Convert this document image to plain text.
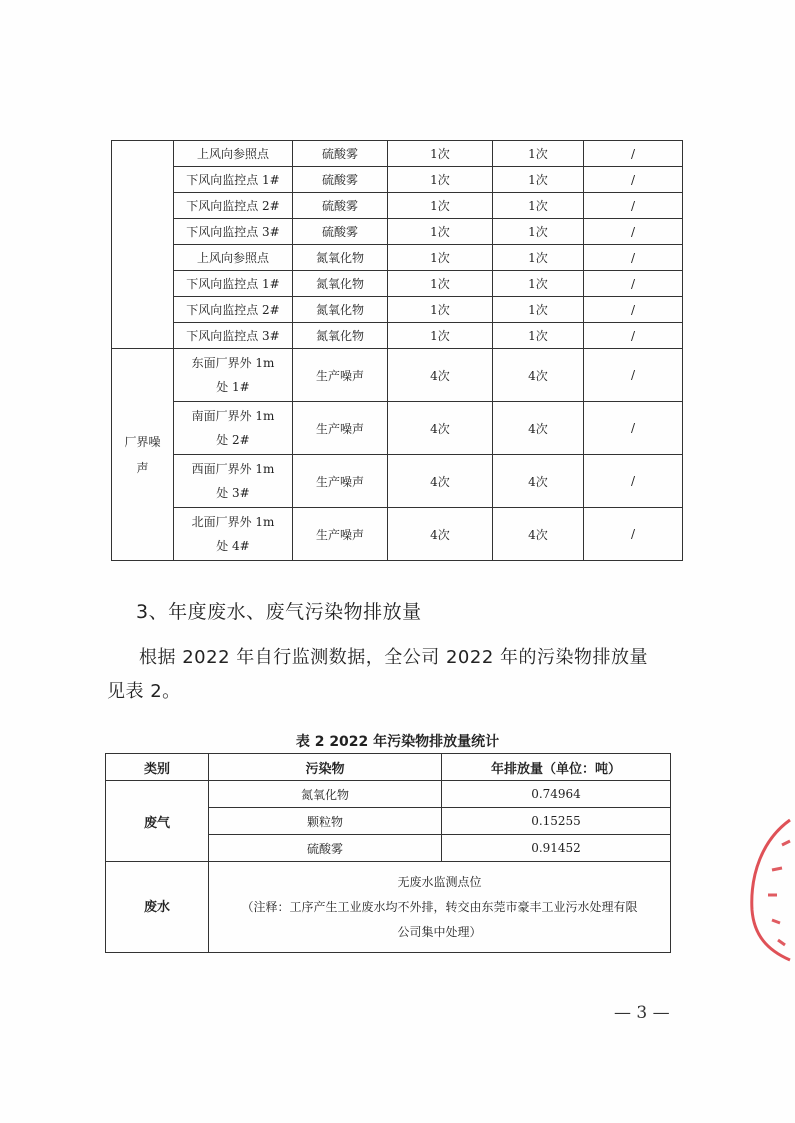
	上风向参照点	硫酸雾	1次	1次	/
	下风向监控点 1#	硫酸雾	1次	1次	/
	下风向监控点 2#	硫酸雾	1次	1次	/
	下风向监控点 3#	硫酸雾	1次	1次	/
	上风向参照点	氮氧化物	1次	1次	/
	下风向监控点 1#	氮氧化物	1次	1次	/
	下风向监控点 2#	氮氧化物	1次	1次	/
	下风向监控点 3#	氮氧化物	1次	1次	/
厂界噪声	东面厂界外 1m 处 1#	生产噪声	4次	4次	/
	南面厂界外 1m 处 2#	生产噪声	4次	4次	/
	西面厂界外 1m 处 3#	生产噪声	4次	4次	/
	北面厂界外 1m 处 4#	生产噪声	4次	4次	/
3、年度废水、废气污染物排放量
根据 2022 年自行监测数据，全公司 2022 年的污染物排放量
见表 2。
表 2 2022 年污染物排放量统计
类别	污染物	年排放量（单位：吨）
废气	氮氧化物	0.74964
	颗粒物	0.15255
	硫酸雾	0.91452
废水	无废水监测点位
（注释：工序产生工业废水均不外排，转交由东莞市豪丰工业污水处理有限
公司集中处理）	
— 3 —
